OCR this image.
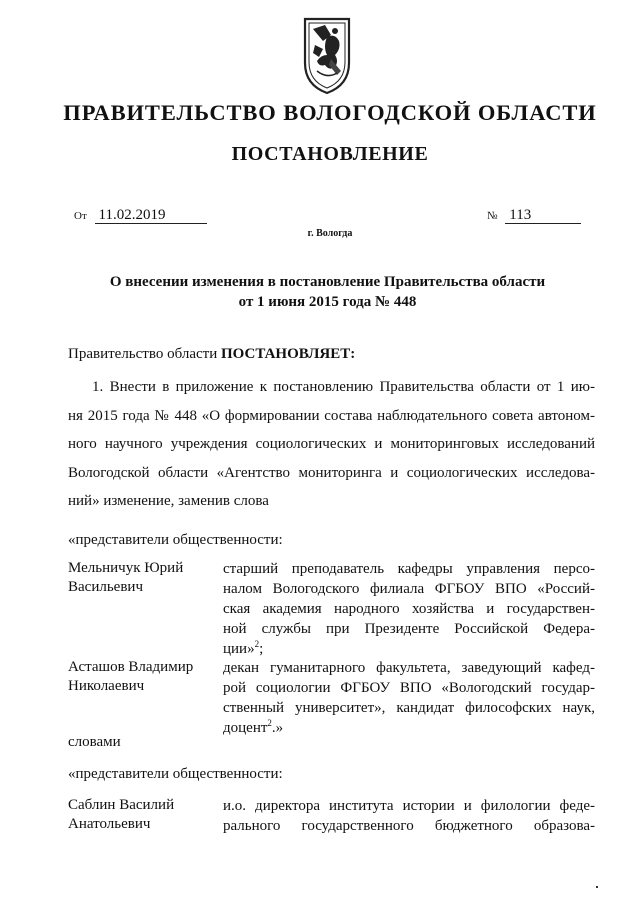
ПРАВИТЕЛЬСТВО ВОЛОГОДСКОЙ ОБЛАСТИ
ПОСТАНОВЛЕНИЕ
От 11.02.2019	№ 113
г. Вологда
О внесении изменения в постановление Правительства области
от 1 июня 2015 года № 448
Правительство области ПОСТАНОВЛЯЕТ:
1. Внести в приложение к постановлению Правительства области от 1 ию-
ня 2015 года № 448 «О формировании состава наблюдательного совета автоном-
ного научного учреждения социологических и мониторинговых исследований
Вологодской области «Агентство мониторинга и социологических исследова-
ний» изменение, заменив слова
«представители общественности:
Мельничук Юрий
Васильевич
старший преподаватель кафедры управления персо-
налом Вологодского филиала ФГБОУ ВПО «Россий-
ская академия народного хозяйства и государствен-
ной службы при Президенте Российской Федера-
ции»$^2$;
Асташов Владимир
Николаевич
декан гуманитарного факультета, заведующий кафед-
рой социологии ФГБОУ ВПО «Вологодский государ-
ственный университет», кандидат философских наук,
доцент$^2$.»
словами
«представители общественности:
Саблин Василий
Анатольевич
и.о. директора института истории и филологии феде-
рального государственного бюджетного образова-
